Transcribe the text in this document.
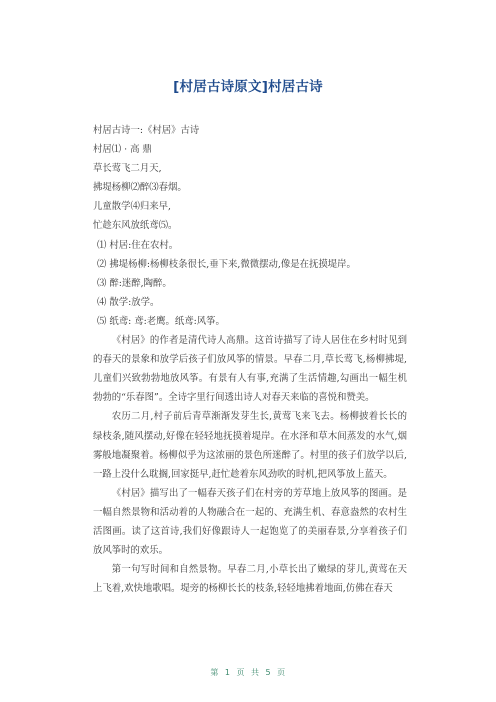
[村居古诗原文]村居古诗
村居古诗一:《村居》古诗
村居⑴ · 高 鼎
草长莺飞二月天,
拂堤杨柳⑵醉⑶春烟。
儿童散学⑷归来早,
忙趁东风放纸鸢⑸。
⑴ 村居:住在农村。
⑵ 拂堤杨柳:杨柳枝条很长,垂下来,微微摆动,像是在抚摸堤岸。
⑶ 醉:迷醉,陶醉。
⑷ 散学:放学。
⑸ 纸鸢: 鸢:老鹰。纸鸢:风筝。

《村居》的作者是清代诗人高鼎。这首诗描写了诗人居住在乡村时见到的春天的景象和放学后孩子们放风筝的情景。早春二月,草长莺飞,杨柳拂堤,儿童们兴致勃勃地放风筝。有景有人有事,充满了生活情趣,勾画出一幅生机勃勃的“乐春图”。全诗字里行间透出诗人对春天来临的喜悦和赞美。

农历二月,村子前后青草渐渐发芽生长,黄莺飞来飞去。杨柳披着长长的绿枝条,随风摆动,好像在轻轻地抚摸着堤岸。在水泽和草木间蒸发的水气,烟雾般地凝聚着。杨柳似乎为这浓丽的景色所迷醉了。村里的孩子们放学以后,一路上没什么耽搁,回家挺早,赶忙趁着东风劲吹的时机,把风筝放上蓝天。

《村居》描写出了一幅春天孩子们在村旁的芳草地上放风筝的图画。是一幅自然景物和活动着的人物融合在一起的、充满生机、春意盎然的农村生活图画。读了这首诗,我们好像跟诗人一起饱览了的美丽春景,分享着孩子们放风筝时的欢乐。

第一句写时间和自然景物。早春二月,小草长出了嫩绿的芽儿,黄莺在天上飞着,欢快地歌唱。堤旁的杨柳长长的枝条,轻轻地拂着地面,仿佛在春天

第 1 页 共 5 页
